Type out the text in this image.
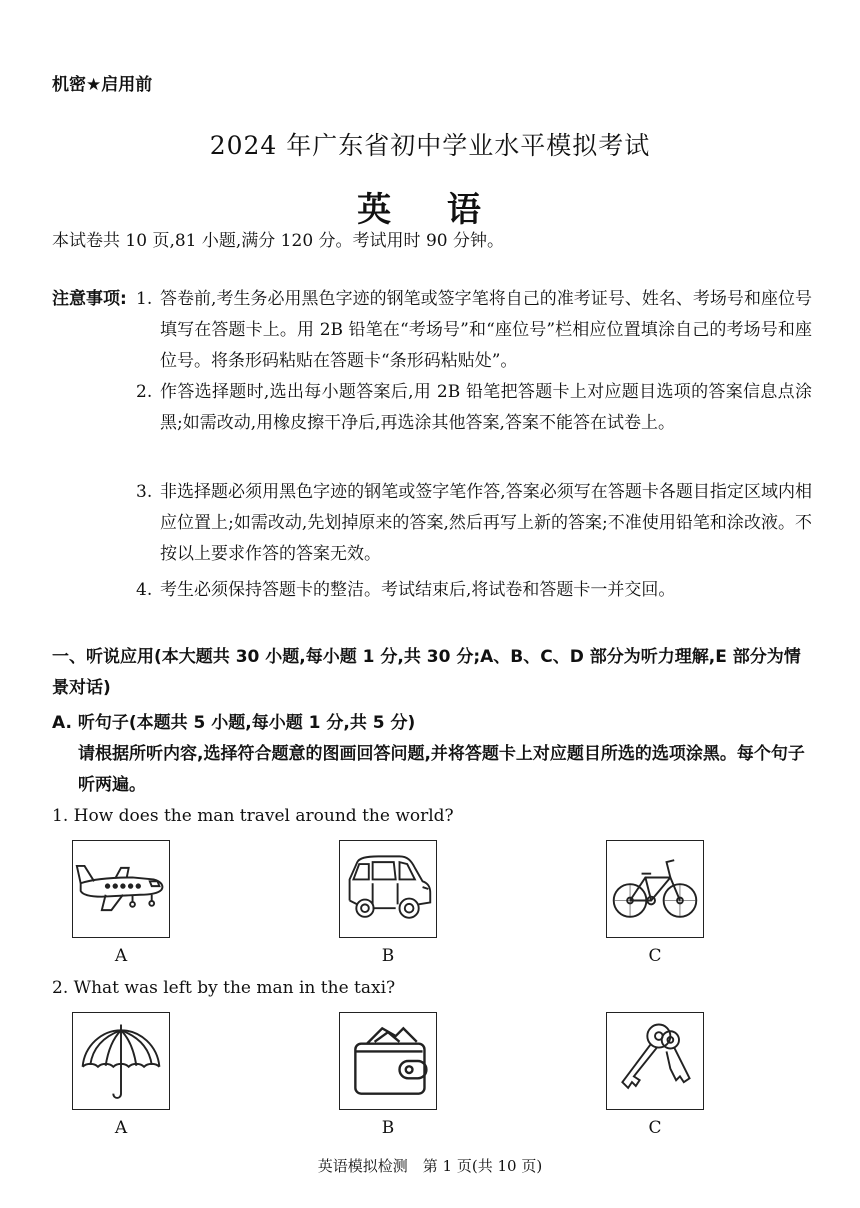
机密★启用前
2024 年广东省初中学业水平模拟考试
英 语
本试卷共 10 页,81 小题,满分 120 分。考试用时 90 分钟。
注意事项: 1. 答卷前,考生务必用黑色字迹的钢笔或签字笔将自己的准考证号、姓名、考场号和座位号填写在答题卡上。用 2B 铅笔在“考场号”和“座位号”栏相应位置填涂自己的考场号和座位号。将条形码粘贴在答题卡“条形码粘贴处”。
2. 作答选择题时,选出每小题答案后,用 2B 铅笔把答题卡上对应题目选项的答案信息点涂黑;如需改动,用橡皮擦干净后,再选涂其他答案,答案不能答在试卷上。
3. 非选择题必须用黑色字迹的钢笔或签字笔作答,答案必须写在答题卡各题目指定区域内相应位置上;如需改动,先划掉原来的答案,然后再写上新的答案;不准使用铅笔和涂改液。不按以上要求作答的答案无效。
4. 考生必须保持答题卡的整洁。考试结束后,将试卷和答题卡一并交回。
一、听说应用(本大题共 30 小题,每小题 1 分,共 30 分;A、B、C、D 部分为听力理解,E 部分为情景对话)
A. 听句子(本题共 5 小题,每小题 1 分,共 5 分)
请根据所听内容,选择符合题意的图画回答问题,并将答题卡上对应题目所选的选项涂黑。每个句子听两遍。
1. How does the man travel around the world?
A	B	C
2. What was left by the man in the taxi?
A	B	C
英语模拟检测　第 1 页(共 10 页)
